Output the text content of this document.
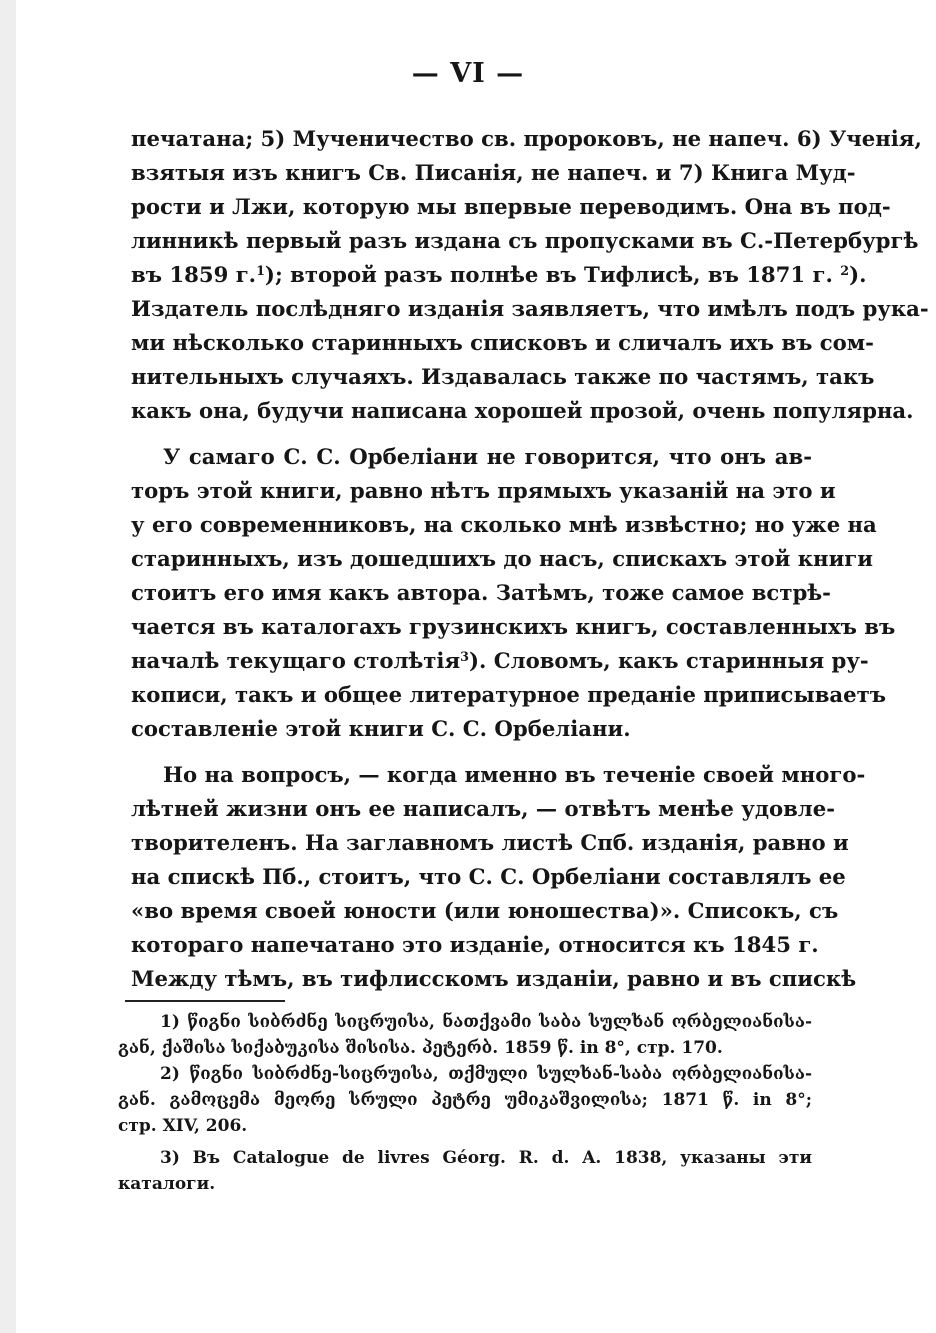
— VI —
печатана; 5) Мученичество св. пророковъ, не напеч. 6) Ученія,
взятыя изъ книгъ Св. Писанія, не напеч. и 7) Книга Муд-
рости и Лжи, которую мы впервые переводимъ. Она въ под-
линникѣ первый разъ издана съ пропусками въ С.-Петербургѣ
въ 1859 г.$^1$); второй разъ полнѣе въ Тифлисѣ, въ 1871 г. $^2$).
Издатель послѣдняго изданія заявляетъ, что имѣлъ подъ рука-
ми нѣсколько старинныхъ списковъ и сличалъ ихъ въ сом-
нительныхъ случаяхъ. Издавалась также по частямъ, такъ
какъ она, будучи написана хорошей прозой, очень популярна.
У самаго С. С. Орбеліани не говорится, что онъ ав-
торъ этой книги, равно нѣтъ прямыхъ указаній на это и
у его современниковъ, на сколько мнѣ извѣстно; но уже на
старинныхъ, изъ дошедшихъ до насъ, спискахъ этой книги
стоитъ его имя какъ автора. Затѣмъ, тоже самое встрѣ-
чается въ каталогахъ грузинскихъ книгъ, составленныхъ въ
началѣ текущаго столѣтія$^3$). Словомъ, какъ старинныя ру-
кописи, такъ и общее литературное преданіе приписываетъ
составленіе этой книги С. С. Орбеліани.
Но на вопросъ, — когда именно въ теченіе своей много-
лѣтней жизни онъ ее написалъ, — отвѣтъ менѣе удовле-
творителенъ. На заглавномъ листѣ Спб. изданія, равно и
на спискѣ Пб., стоитъ, что С. С. Орбеліани составлялъ ее
«во время своей юности (или юношества)». Списокъ, съ
котораго напечатано это изданіе, относится къ 1845 г.
Между тѣмъ, въ тифлисскомъ изданіи, равно и въ спискѣ
1) წიგნი სიბრძნე სიცრუისა, ნათქვამი საბა სულხან ორბელიანისა-
გან, ქაშისა სიქაბუკისა შისისა. პეტერბ. 1859 წ. in 8°, стр. 170.
2) წიგნი სიბრძნე-სიცრუისა, თქმული სულხან-საბა ორბელიანისა-
გან. გამოცემა მეორე სრული პეტრე უმიკაშვილისა; 1871 წ. in 8°;
стр. XIV, 206.
3) Въ Catalogue de livres Géorg. R. d. A. 1838, указаны эти
каталоги.
